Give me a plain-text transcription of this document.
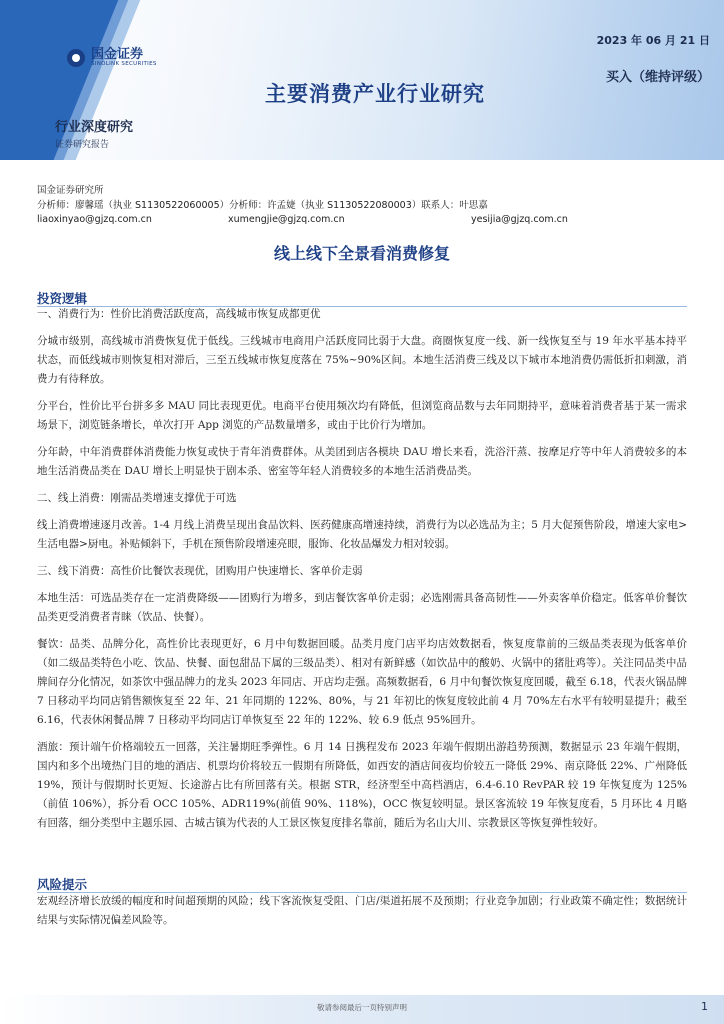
国金证券
SINOLINK SECURITIES
2023 年 06 月 21 日
买入（维持评级）
主要消费产业行业研究
行业深度研究
证券研究报告
国金证券研究所
分析师：廖馨瑶（执业 S1130522060005）分析师：许孟婕（执业 S1130522080003）联系人：叶思嘉
liaoxinyao@gjzq.com.cn	xumengjie@gjzq.com.cn	yesijia@gjzq.com.cn
线上线下全景看消费修复
投资逻辑

一、消费行为：性价比消费活跃度高，高线城市恢复成都更优

分城市级别，高线城市消费恢复优于低线。三线城市电商用户活跃度同比弱于大盘。商圈恢复度一线、新一线恢复至与 19 年水平基本持平状态，而低线城市则恢复相对滞后，三至五线城市恢复度落在 75%~90%区间。本地生活消费三线及以下城市本地消费仍需低折扣刺激，消费力有待释放。

分平台，性价比平台拼多多 MAU 同比表现更优。电商平台使用频次均有降低，但浏览商品数与去年同期持平，意味着消费者基于某一需求场景下，浏览链条增长，单次打开 App 浏览的产品数量增多，或由于比价行为增加。

分年龄，中年消费群体消费能力恢复或快于青年消费群体。从美团到店各模块 DAU 增长来看，洗浴汗蒸、按摩足疗等中年人消费较多的本地生活消费品类在 DAU 增长上明显快于剧本杀、密室等年轻人消费较多的本地生活消费品类。

二、线上消费：刚需品类增速支撑优于可选

线上消费增速逐月改善。1-4 月线上消费呈现出食品饮料、医药健康高增速持续，消费行为以必选品为主；5 月大促预售阶段，增速大家电>生活电器>厨电。补贴倾斜下，手机在预售阶段增速亮眼，服饰、化妆品爆发力相对较弱。

三、线下消费：高性价比餐饮表现优，团购用户快速增长、客单价走弱

本地生活：可选品类存在一定消费降级——团购行为增多，到店餐饮客单价走弱；必选刚需具备高韧性——外卖客单价稳定。低客单价餐饮品类更受消费者青睐（饮品、快餐）。

餐饮：品类、品牌分化，高性价比表现更好，6 月中旬数据回暖。品类月度门店平均店效数据看，恢复度靠前的三级品类表现为低客单价（如二级品类特色小吃、饮品、快餐、面包甜品下属的三级品类）、相对有新鲜感（如饮品中的酸奶、火锅中的猪肚鸡等）。关注同品类中品牌间存分化情况，如茶饮中强品牌力的龙头 2023 年同店、开店均走强。高频数据看，6 月中旬餐饮恢复度回暖，截至 6.18，代表火锅品牌 7 日移动平均同店销售额恢复至 22 年、21 年同期的 122%、80%，与 21 年初比的恢复度较此前 4 月 70%左右水平有较明显提升；截至 6.16，代表休闲餐品牌 7 日移动平均同店订单恢复至 22 年的 122%、较 6.9 低点 95%回升。

酒旅：预计端午价格端较五一回落，关注暑期旺季弹性。6 月 14 日携程发布 2023 年端午假期出游趋势预测，数据显示 23 年端午假期，国内和多个出境热门目的地的酒店、机票均价将较五一假期有所降低，如西安的酒店间夜均价较五一降低 29%、南京降低 22%、广州降低 19%，预计与假期时长更短、长途游占比有所回落有关。根据 STR，经济型至中高档酒店，6.4-6.10 RevPAR 较 19 年恢复度为 125%（前值 106%），拆分看 OCC 105%、ADR119%(前值 90%、118%)，OCC 恢复较明显。景区客流较 19 年恢复度看，5 月环比 4 月略有回落，细分类型中主题乐园、古城古镇为代表的人工景区恢复度排名靠前，随后为名山大川、宗教景区等恢复弹性较好。

风险提示

宏观经济增长放缓的幅度和时间超预期的风险；线下客流恢复受阻、门店/渠道拓展不及预期；行业竞争加剧；行业政策不确定性；数据统计结果与实际情况偏差风险等。

敬请参阅最后一页特别声明	1
